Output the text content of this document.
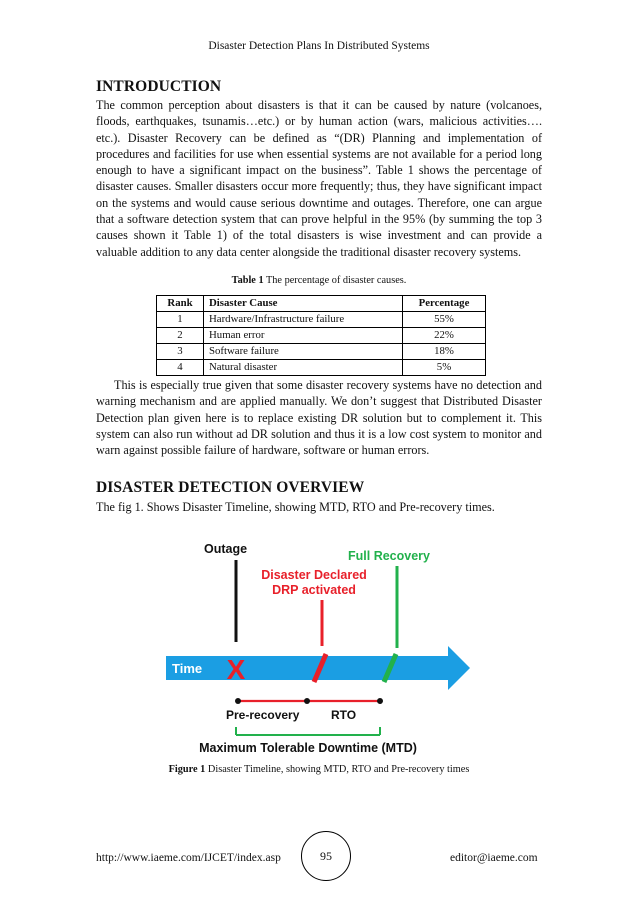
Disaster Detection Plans In Distributed Systems
INTRODUCTION
The common perception about disasters is that it can be caused by nature (volcanoes, floods, earthquakes, tsunamis…etc.) or by human action (wars, malicious activities…. etc.). Disaster Recovery can be defined as “(DR) Planning and implementation of procedures and facilities for use when essential systems are not available for a period long enough to have a significant impact on the business”. Table 1 shows the percentage of disaster causes. Smaller disasters occur more frequently; thus, they have significant impact on the systems and would cause serious downtime and outages. Therefore, one can argue that a software detection system that can prove helpful in the 95% (by summing the top 3 causes shown it Table 1) of the total disasters is wise investment and can provide a valuable addition to any data center alongside the traditional disaster recovery systems.
Table 1 The percentage of disaster causes.
Rank	Disaster Cause	Percentage
1	Hardware/Infrastructure failure	55%
2	Human error	22%
3	Software failure	18%
4	Natural disaster	5%
This is especially true given that some disaster recovery systems have no detection and warning mechanism and are applied manually. We don’t suggest that Distributed Disaster Detection plan given here is to replace existing DR solution but to complement it. This system can also run without ad DR solution and thus it is a low cost system to monitor and warn against possible failure of hardware, software or human errors.
DISASTER DETECTION OVERVIEW
The fig 1. Shows Disaster Timeline, showing MTD, RTO and Pre-recovery times.
Outage	Full Recovery
Disaster Declared
DRP activated
Time X
Pre-recovery	RTO
Maximum Tolerable Downtime (MTD)
Figure 1 Disaster Timeline, showing MTD, RTO and Pre-recovery times
http://www.iaeme.com/IJCET/index.asp	95	editor@iaeme.com
